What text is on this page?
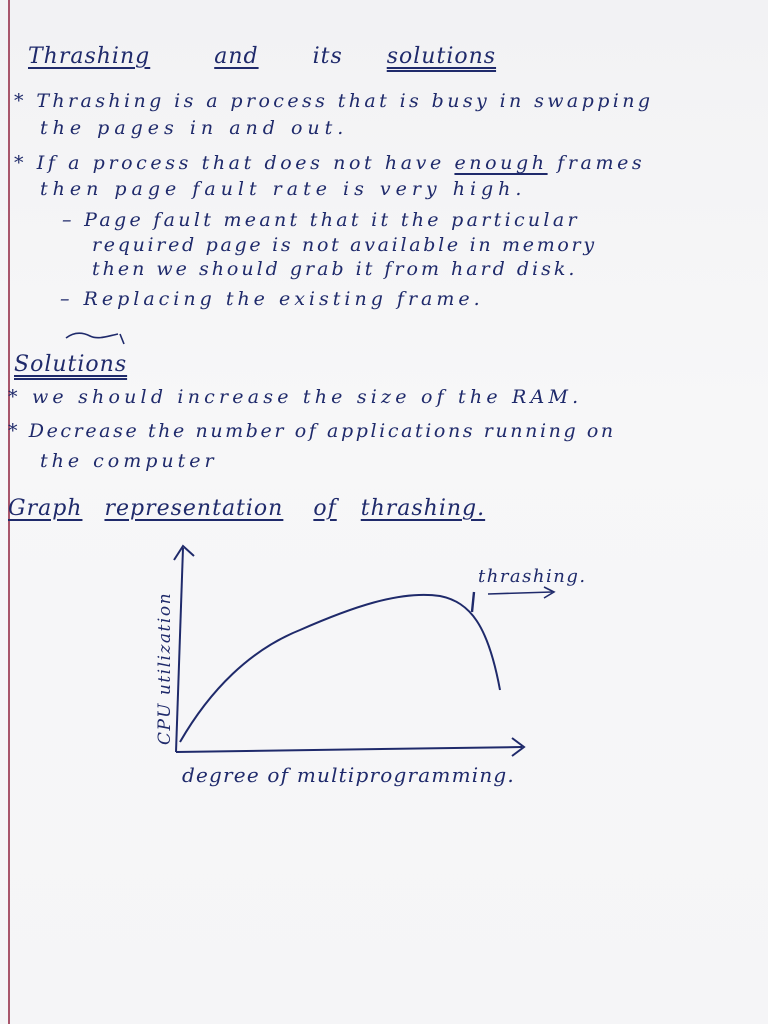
Thrashing	and its solutions
* Thrashing is a process that is busy in swapping
the pages in and out.
* If a process that does not have enough frames
then page fault rate is very high.
– Page fault meant that it the particular
required page is not available in memory
then we should grab it from hard disk.
– Replacing the existing frame.
Solutions
* we should increase the size of the RAM.
* Decrease the number of applications running on
the computer
Graph representation of thrashing.
CPU utilization
degree of multiprogramming.
thrashing.
